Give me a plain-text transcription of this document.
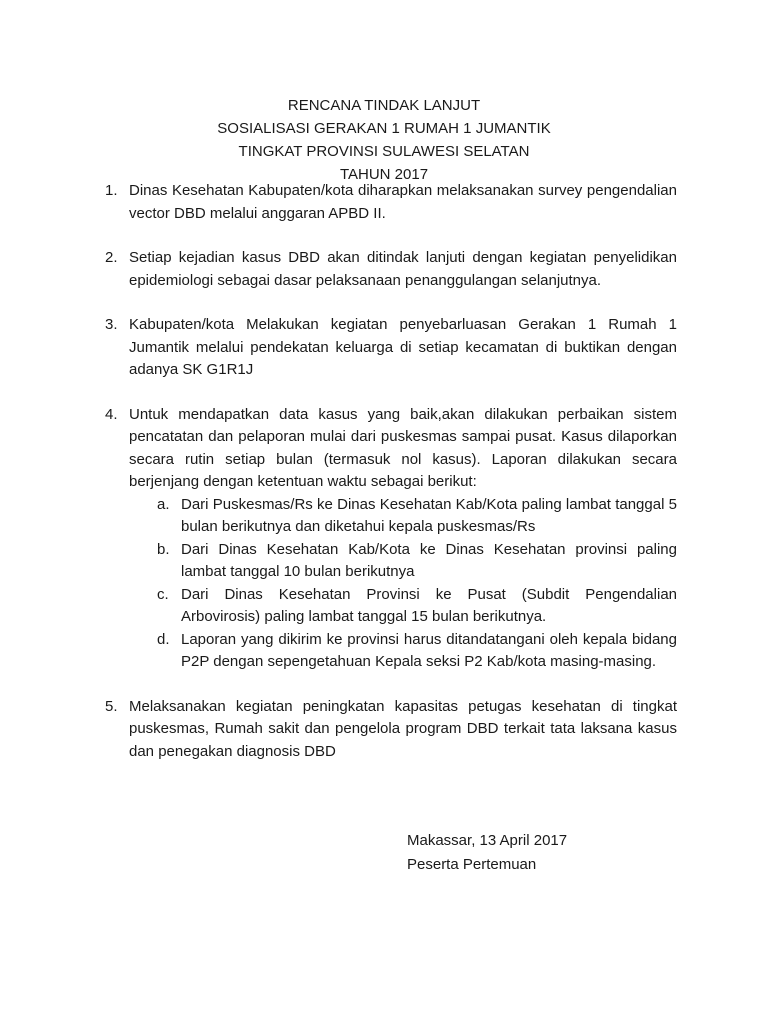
RENCANA TINDAK LANJUT
SOSIALISASI GERAKAN 1 RUMAH 1 JUMANTIK
TINGKAT PROVINSI SULAWESI SELATAN
TAHUN 2017
1. Dinas Kesehatan Kabupaten/kota diharapkan melaksanakan survey pengendalian vector DBD melalui anggaran APBD II.
2. Setiap kejadian kasus DBD akan ditindak lanjuti dengan kegiatan penyelidikan epidemiologi sebagai dasar pelaksanaan penanggulangan selanjutnya.
3. Kabupaten/kota Melakukan kegiatan penyebarluasan Gerakan 1 Rumah 1 Jumantik melalui pendekatan keluarga di setiap kecamatan di buktikan dengan adanya SK G1R1J
4. Untuk mendapatkan data kasus yang baik,akan dilakukan perbaikan sistem pencatatan dan pelaporan mulai dari puskesmas sampai pusat. Kasus dilaporkan secara rutin setiap bulan (termasuk nol kasus). Laporan dilakukan secara berjenjang dengan ketentuan waktu sebagai berikut:
a. Dari Puskesmas/Rs ke Dinas Kesehatan Kab/Kota paling lambat tanggal 5 bulan berikutnya dan diketahui kepala puskesmas/Rs
b. Dari Dinas Kesehatan Kab/Kota ke Dinas Kesehatan provinsi paling lambat tanggal 10 bulan berikutnya
c. Dari Dinas Kesehatan Provinsi ke Pusat (Subdit Pengendalian Arbovirosis) paling lambat tanggal 15 bulan berikutnya.
d. Laporan yang dikirim ke provinsi harus ditandatangani oleh kepala bidang P2P dengan sepengetahuan Kepala seksi P2 Kab/kota masing-masing.
5. Melaksanakan kegiatan peningkatan kapasitas petugas kesehatan di tingkat puskesmas, Rumah sakit dan pengelola program DBD terkait tata laksana kasus dan penegakan diagnosis DBD
Makassar, 13 April 2017
Peserta Pertemuan
